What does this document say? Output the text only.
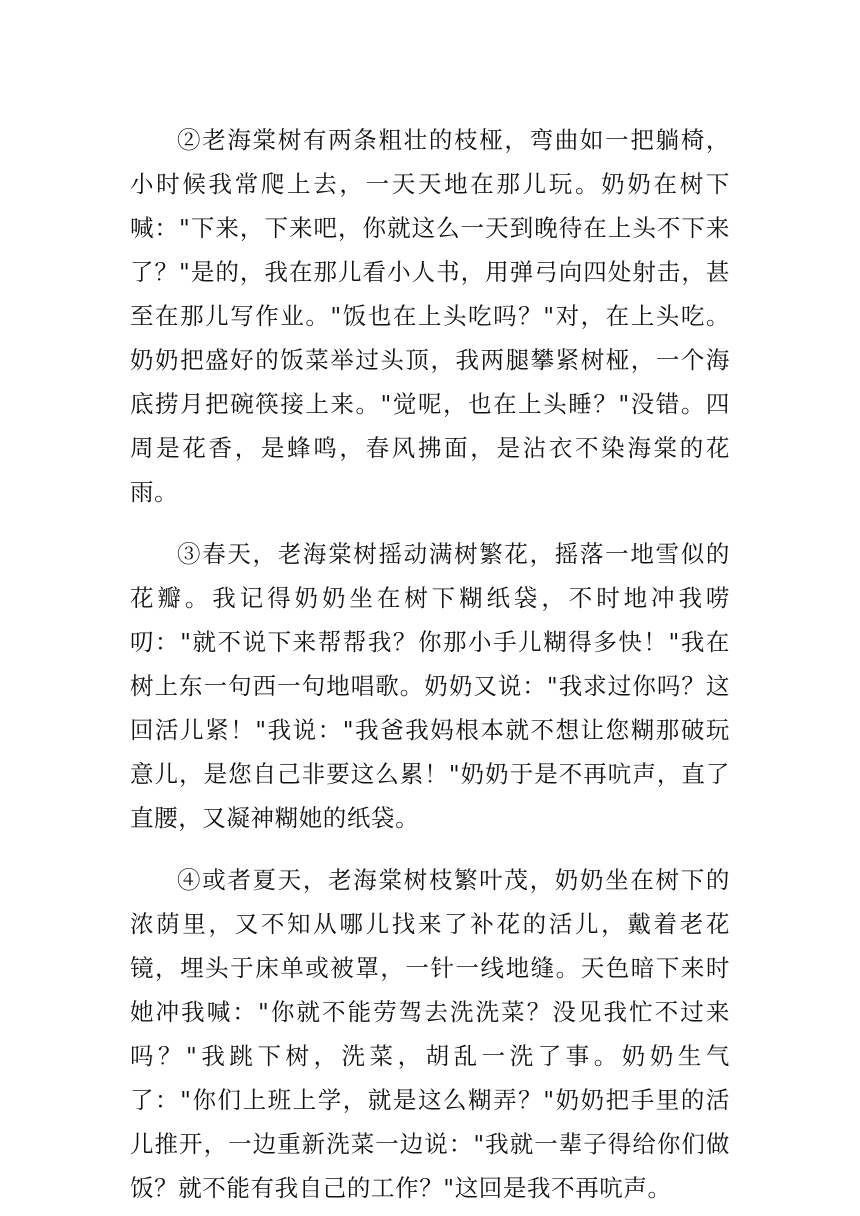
②老海棠树有两条粗壮的枝桠，弯曲如一把躺椅，小时候我常爬上去，一天天地在那儿玩。奶奶在树下喊："下来，下来吧，你就这么一天到晚待在上头不下来了？"是的，我在那儿看小人书，用弹弓向四处射击，甚至在那儿写作业。"饭也在上头吃吗？"对，在上头吃。奶奶把盛好的饭菜举过头顶，我两腿攀紧树桠，一个海底捞月把碗筷接上来。"觉呢，也在上头睡？"没错。四周是花香，是蜂鸣，春风拂面，是沾衣不染海棠的花雨。

③春天，老海棠树摇动满树繁花，摇落一地雪似的花瓣。我记得奶奶坐在树下糊纸袋，不时地冲我唠叨："就不说下来帮帮我？你那小手儿糊得多快！"我在树上东一句西一句地唱歌。奶奶又说："我求过你吗？这回活儿紧！"我说："我爸我妈根本就不想让您糊那破玩意儿，是您自己非要这么累！"奶奶于是不再吭声，直了直腰，又凝神糊她的纸袋。

④或者夏天，老海棠树枝繁叶茂，奶奶坐在树下的浓荫里，又不知从哪儿找来了补花的活儿，戴着老花镜，埋头于床单或被罩，一针一线地缝。天色暗下来时她冲我喊："你就不能劳驾去洗洗菜？没见我忙不过来吗？"我跳下树，洗菜，胡乱一洗了事。奶奶生气了："你们上班上学，就是这么糊弄？"奶奶把手里的活儿推开，一边重新洗菜一边说："我就一辈子得给你们做饭？就不能有我自己的工作？"这回是我不再吭声。
